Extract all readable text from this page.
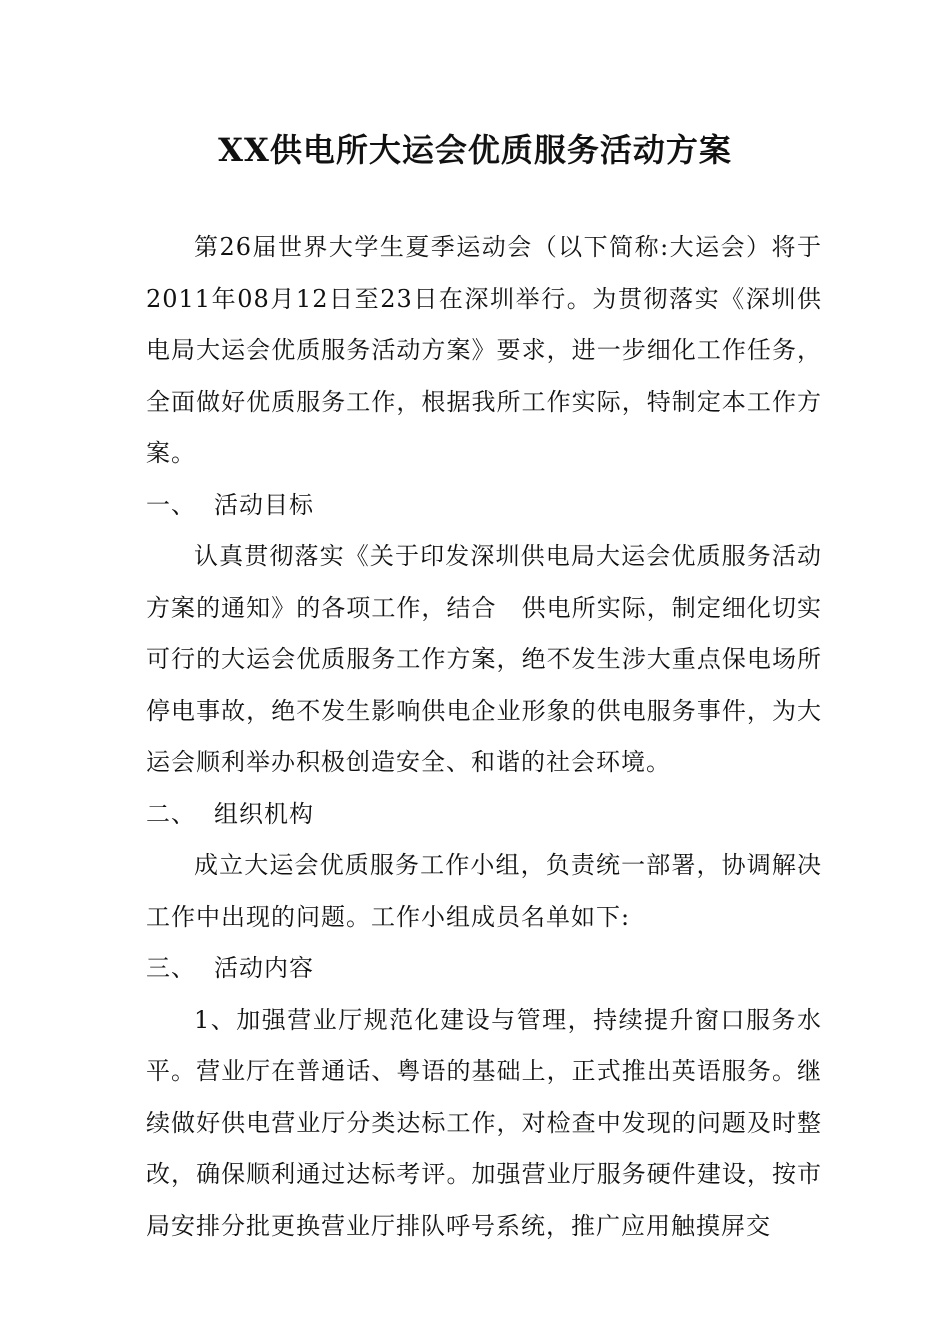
XX供电所大运会优质服务活动方案

第26届世界大学生夏季运动会（以下简称:大运会）将于2011年08月12日至23日在深圳举行。为贯彻落实《深圳供电局大运会优质服务活动方案》要求，进一步细化工作任务，全面做好优质服务工作，根据我所工作实际，特制定本工作方案。

一、 活动目标

认真贯彻落实《关于印发深圳供电局大运会优质服务活动方案的通知》的各项工作，结合　供电所实际，制定细化切实可行的大运会优质服务工作方案，绝不发生涉大重点保电场所停电事故，绝不发生影响供电企业形象的供电服务事件，为大运会顺利举办积极创造安全、和谐的社会环境。

二、 组织机构

成立大运会优质服务工作小组，负责统一部署，协调解决工作中出现的问题。工作小组成员名单如下:

三、 活动内容

1、加强营业厅规范化建设与管理，持续提升窗口服务水平。营业厅在普通话、粤语的基础上，正式推出英语服务。继续做好供电营业厅分类达标工作，对检查中发现的问题及时整改，确保顺利通过达标考评。加强营业厅服务硬件建设，按市局安排分批更换营业厅排队呼号系统，推广应用触摸屏交
